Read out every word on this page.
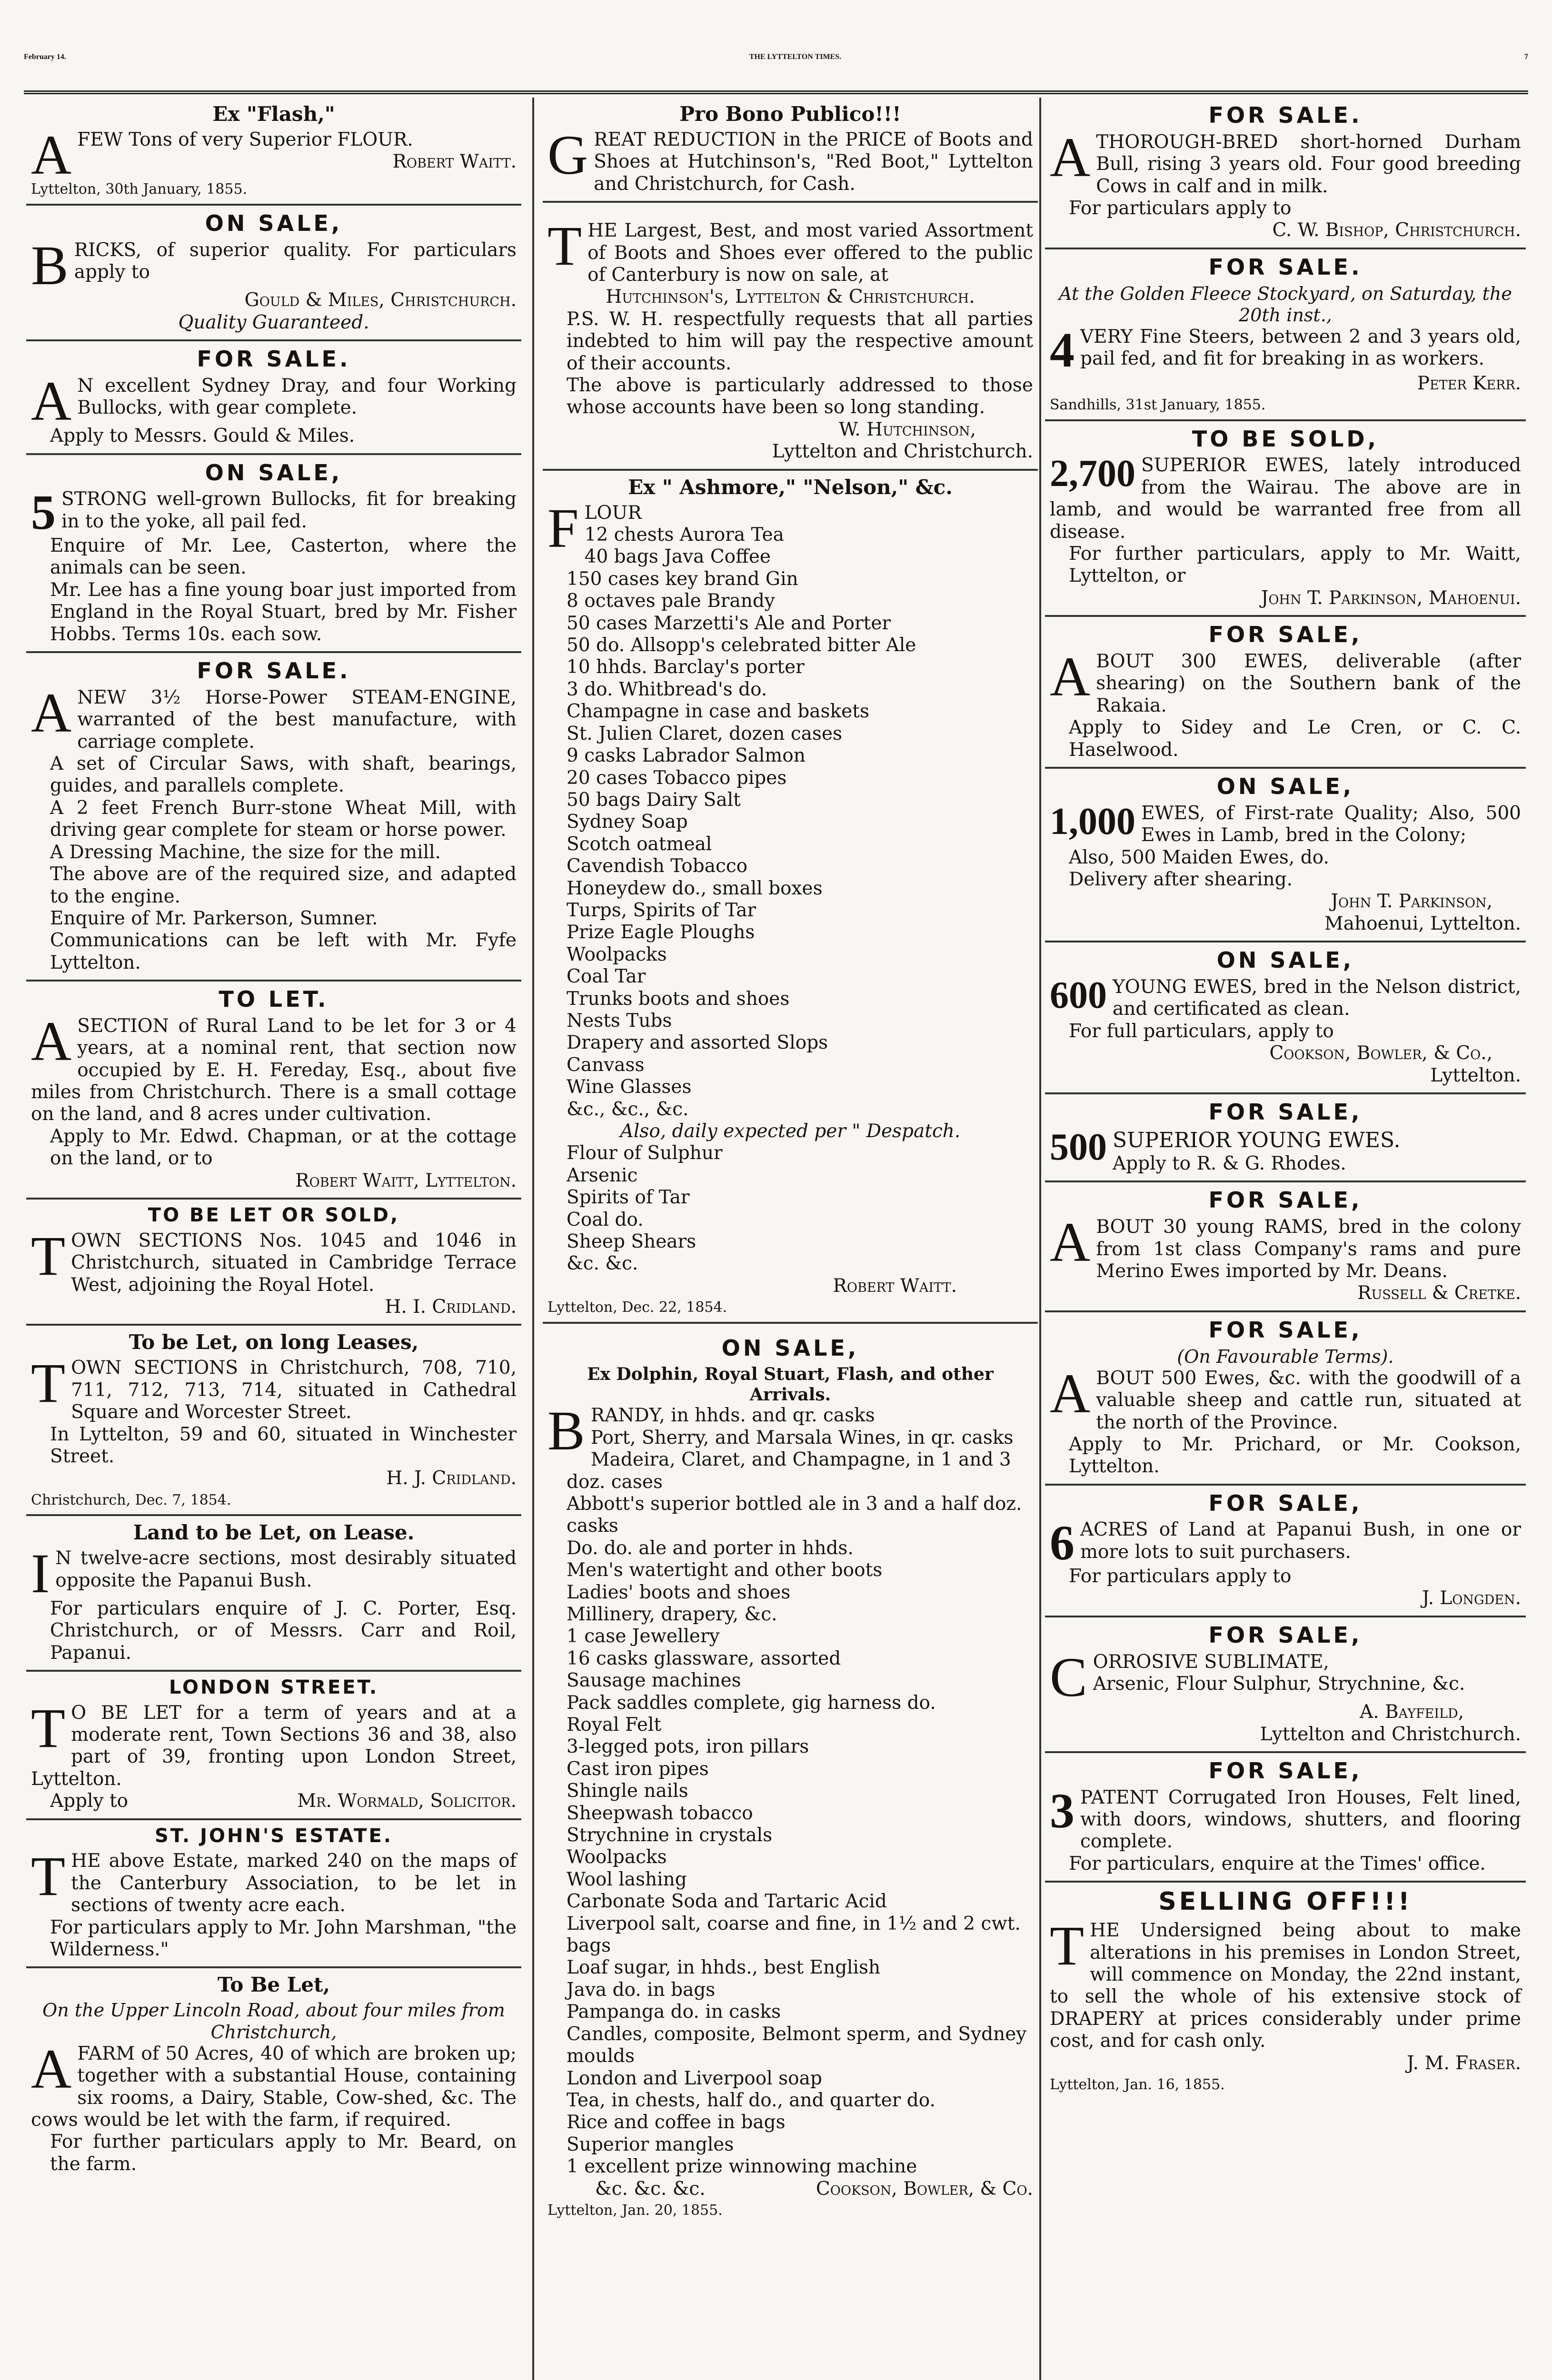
February 14.	THE LYTTELTON TIMES.	7
Ex "Flash,"

AFEW Tons of very Superior FLOUR.

Robert Waitt.
Lyttelton, 30th January, 1855.
ON SALE,

BRICKS, of superior quality. For particulars apply to

Gould & Miles, Christchurch.
Quality Guaranteed.
FOR SALE.

A N excellent Sydney Dray, and four Working Bullocks, with gear complete.

Apply to Messrs. Gould & Miles.
ON SALE,

5 STRONG well-grown Bullocks, fit for breaking in to the yoke, all pail fed.

Enquire of Mr. Lee, Casterton, where the animals can be seen.

Mr. Lee has a fine young boar just imported from England in the Royal Stuart, bred by Mr. Fisher Hobbs. Terms 10s. each sow.

FOR SALE.

ANEW 3½ Horse-Power STEAM-ENGINE, warranted of the best manufacture, with carriage complete.

A set of Circular Saws, with shaft, bearings, guides, and parallels complete.

A 2 feet French Burr-stone Wheat Mill, with driving gear complete for steam or horse power.

A Dressing Machine, the size for the mill.

The above are of the required size, and adapted to the engine.

Enquire of Mr. Parkerson, Sumner.

Communications can be left with Mr. Fyfe Lyttelton.

TO LET.

ASECTION of Rural Land to be let for 3 or 4 years, at a nominal rent, that section now occupied by E. H. Fereday, Esq., about five miles from Christchurch. There is a small cottage on the land, and 8 acres under cultivation.

Apply to Mr. Edwd. Chapman, or at the cottage on the land, or to

Robert Waitt, Lyttelton.
TO BE LET OR SOLD,

TOWN SECTIONS Nos. 1045 and 1046 in Christchurch, situated in Cambridge Terrace West, adjoining the Royal Hotel.

H. I. Cridland.
To be Let, on long Leases,

TOWN SECTIONS in Christchurch, 708, 710, 711, 712, 713, 714, situated in Cathedral Square and Worcester Street.

In Lyttelton, 59 and 60, situated in Winchester Street.

H. J. Cridland.
Christchurch, Dec. 7, 1854.
Land to be Let, on Lease.

I N twelve-acre sections, most desirably situated opposite the Papanui Bush.

For particulars enquire of J. C. Porter, Esq. Christchurch, or of Messrs. Carr and Roil, Papanui.

LONDON STREET.

T O BE LET for a term of years and at a moderate rent, Town Sections 36 and 38, also part of 39, fronting upon London Street, Lyttelton.

Apply to	Mr. Wormald, Solicitor.
ST. JOHN'S ESTATE.

THE above Estate, marked 240 on the maps of the Canterbury Association, to be let in sections of twenty acre each.

For particulars apply to Mr. John Marshman, "the Wilderness."

To Be Let,
On the Upper Lincoln Road, about four miles from Christchurch,

AFARM of 50 Acres, 40 of which are broken up; together with a substantial House, containing six rooms, a Dairy, Stable, Cow-shed, &c. The cows would be let with the farm, if required.

For further particulars apply to Mr. Beard, on the farm.

Pro Bono Publico!!!

GREAT REDUCTION in the PRICE of Boots and Shoes at Hutchinson's, "Red Boot," Lyttelton and Christchurch, for Cash.

THE Largest, Best, and most varied Assortment of Boots and Shoes ever offered to the public of Canterbury is now on sale, at

Hutchinson's, Lyttelton & Christchurch.

P.S. W. H. respectfully requests that all parties indebted to him will pay the respective amount of their accounts.

The above is particularly addressed to those whose accounts have been so long standing.

W. Hutchinson,
Lyttelton and Christchurch.
Ex " Ashmore," "Nelson," &c.

FLOUR

12 chests Aurora Tea
40 bags Java Coffee
150 cases key brand Gin
8 octaves pale Brandy
50 cases Marzetti's Ale and Porter
50 do. Allsopp's celebrated bitter Ale
10 hhds. Barclay's porter
3 do. Whitbread's do.
Champagne in case and baskets
St. Julien Claret, dozen cases
9 casks Labrador Salmon
20 cases Tobacco pipes
50 bags Dairy Salt
Sydney Soap
Scotch oatmeal
Cavendish Tobacco
Honeydew do., small boxes
Turps, Spirits of Tar
Prize Eagle Ploughs
Woolpacks
Coal Tar
Trunks boots and shoes
Nests Tubs
Drapery and assorted Slops
Canvass
Wine Glasses
&c., &c., &c.
Also, daily expected per " Despatch.
Flour of Sulphur
Arsenic
Spirits of Tar
Coal do.
Sheep Shears
&c. &c.
Robert Waitt.
Lyttelton, Dec. 22, 1854.
ON SALE,
Ex Dolphin, Royal Stuart, Flash, and other Arrivals.

BRANDY, in hhds. and qr. casks

Port, Sherry, and Marsala Wines, in qr. casks
Madeira, Claret, and Champagne, in 1 and 3 doz. cases
Abbott's superior bottled ale in 3 and a half doz. casks
Do. do. ale and porter in hhds.
Men's watertight and other boots
Ladies' boots and shoes
Millinery, drapery, &c.
1 case Jewellery
16 casks glassware, assorted
Sausage machines
Pack saddles complete, gig harness do.
Royal Felt
3-legged pots, iron pillars
Cast iron pipes
Shingle nails
Sheepwash tobacco
Strychnine in crystals
Woolpacks
Wool lashing
Carbonate Soda and Tartaric Acid
Liverpool salt, coarse and fine, in 1½ and 2 cwt. bags
Loaf sugar, in hhds., best English
Java do. in bags
Pampanga do. in casks
Candles, composite, Belmont sperm, and Sydney moulds
London and Liverpool soap
Tea, in chests, half do., and quarter do.
Rice and coffee in bags
Superior mangles
1 excellent prize winnowing machine
&c. &c. &c.	Cookson, Bowler, & Co.
Lyttelton, Jan. 20, 1855.
FOR SALE.

ATHOROUGH-BRED short-horned Durham Bull, rising 3 years old. Four good breeding Cows in calf and in milk.

For particulars apply to

C. W. Bishop, Christchurch.
FOR SALE.
At the Golden Fleece Stockyard, on Saturday, the 20th inst.,

4 VERY Fine Steers, between 2 and 3 years old, pail fed, and fit for breaking in as workers.

Peter Kerr.
Sandhills, 31st January, 1855.
TO BE SOLD,

2,700 SUPERIOR EWES, lately introduced from the Wairau. The above are in lamb, and would be warranted free from all disease.

For further particulars, apply to Mr. Waitt, Lyttelton, or

John T. Parkinson, Mahoenui.
FOR SALE,

ABOUT 300 EWES, deliverable (after shearing) on the Southern bank of the Rakaia.

Apply to Sidey and Le Cren, or C. C. Haselwood.

ON SALE,

1,000 EWES, of First-rate Quality; Also, 500 Ewes in Lamb, bred in the Colony;

Also, 500 Maiden Ewes, do.

Delivery after shearing.

John T. Parkinson,
Mahoenui, Lyttelton.
ON SALE,

600 YOUNG EWES, bred in the Nelson district, and certificated as clean.

For full particulars, apply to

Cookson, Bowler, & Co.,
Lyttelton.
FOR SALE,

500 SUPERIOR YOUNG EWES.
Apply to R. & G. Rhodes.

FOR SALE,

ABOUT 30 young RAMS, bred in the colony from 1st class Company's rams and pure Merino Ewes imported by Mr. Deans.

Russell & Cretke.
FOR SALE,
(On Favourable Terms).

ABOUT 500 Ewes, &c. with the goodwill of a valuable sheep and cattle run, situated at the north of the Province.

Apply to Mr. Prichard, or Mr. Cookson, Lyttelton.

FOR SALE,

6 ACRES of Land at Papanui Bush, in one or more lots to suit purchasers.

For particulars apply to

J. Longden.
FOR SALE,

CORROSIVE SUBLIMATE,
Arsenic, Flour Sulphur, Strychnine, &c.

A. Bayfeild,
Lyttelton and Christchurch.
FOR SALE,

3 PATENT Corrugated Iron Houses, Felt lined, with doors, windows, shutters, and flooring complete.

For particulars, enquire at the Times' office.

SELLING OFF!!!

THE Undersigned being about to make alterations in his premises in London Street, will commence on Monday, the 22nd instant, to sell the whole of his extensive stock of DRAPERY at prices considerably under prime cost, and for cash only.

J. M. Fraser.
Lyttelton, Jan. 16, 1855.
